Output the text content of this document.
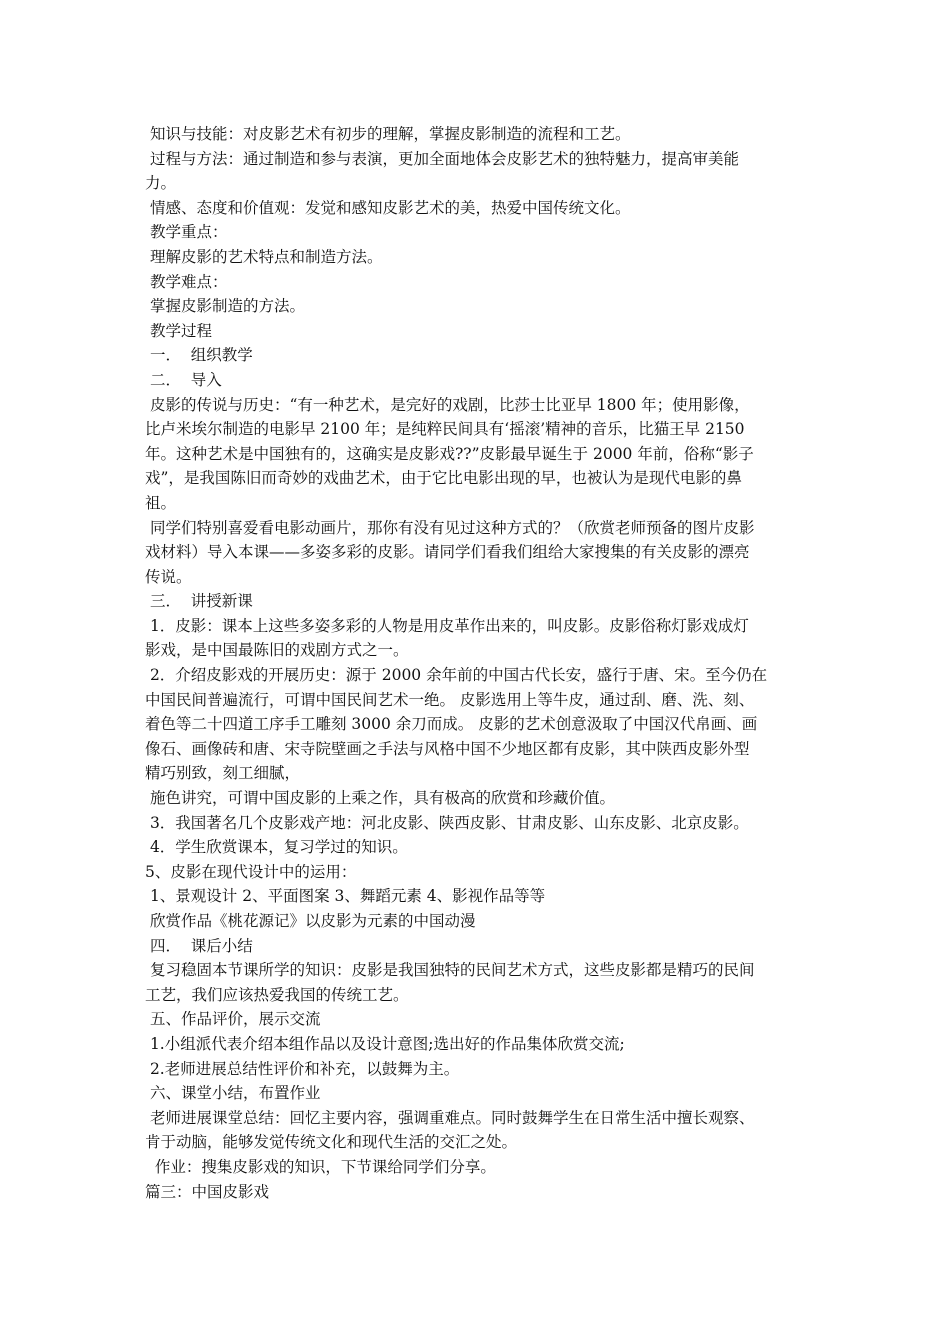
知识与技能：对皮影艺术有初步的理解，掌握皮影制造的流程和工艺。
过程与方法：通过制造和参与表演，更加全面地体会皮影艺术的独特魅力，提高审美能
力。
情感、态度和价值观：发觉和感知皮影艺术的美，热爱中国传统文化。
教学重点：
理解皮影的艺术特点和制造方法。
教学难点：
掌握皮影制造的方法。
教学过程
一．  组织教学
二．  导入
皮影的传说与历史：“有一种艺术，是完好的戏剧，比莎士比亚早 1800 年；使用影像，
比卢米埃尔制造的电影早 2100 年；是纯粹民间具有‘摇滚’精神的音乐，比猫王早 2150
年。这种艺术是中国独有的，这确实是皮影戏??”皮影最早诞生于 2000 年前，俗称“影子
戏”，是我国陈旧而奇妙的戏曲艺术，由于它比电影出现的早，也被认为是现代电影的鼻
祖。
同学们特别喜爱看电影动画片，那你有没有见过这种方式的？（欣赏老师预备的图片皮影
戏材料）导入本课——多姿多彩的皮影。请同学们看我们组给大家搜集的有关皮影的漂亮
传说。
三．  讲授新课
1．皮影：课本上这些多姿多彩的人物是用皮革作出来的，叫皮影。皮影俗称灯影戏成灯
影戏，是中国最陈旧的戏剧方式之一。
2．介绍皮影戏的开展历史：源于 2000 余年前的中国古代长安，盛行于唐、宋。至今仍在
中国民间普遍流行，可谓中国民间艺术一绝。 皮影选用上等牛皮，通过刮、磨、洗、刻、
着色等二十四道工序手工雕刻 3000 余刀而成。 皮影的艺术创意汲取了中国汉代帛画、画
像石、画像砖和唐、宋寺院壁画之手法与风格中国不少地区都有皮影，其中陕西皮影外型
精巧别致，刻工细腻，
施色讲究，可谓中国皮影的上乘之作，具有极高的欣赏和珍藏价值。
3．我国著名几个皮影戏产地：河北皮影、陕西皮影、甘肃皮影、山东皮影、北京皮影。
4．学生欣赏课本，复习学过的知识。
5、皮影在现代设计中的运用：
1、景观设计 2、平面图案 3、舞蹈元素 4、影视作品等等
欣赏作品《桃花源记》以皮影为元素的中国动漫
四．  课后小结
复习稳固本节课所学的知识：皮影是我国独特的民间艺术方式，这些皮影都是精巧的民间
工艺，我们应该热爱我国的传统工艺。
五、作品评价，展示交流
1.小组派代表介绍本组作品以及设计意图;选出好的作品集体欣赏交流;
2.老师进展总结性评价和补充，以鼓舞为主。
六、课堂小结，布置作业
老师进展课堂总结：回忆主要内容，强调重难点。同时鼓舞学生在日常生活中擅长观察、
肯于动脑，能够发觉传统文化和现代生活的交汇之处。
作业：搜集皮影戏的知识，下节课给同学们分享。
篇三：中国皮影戏
